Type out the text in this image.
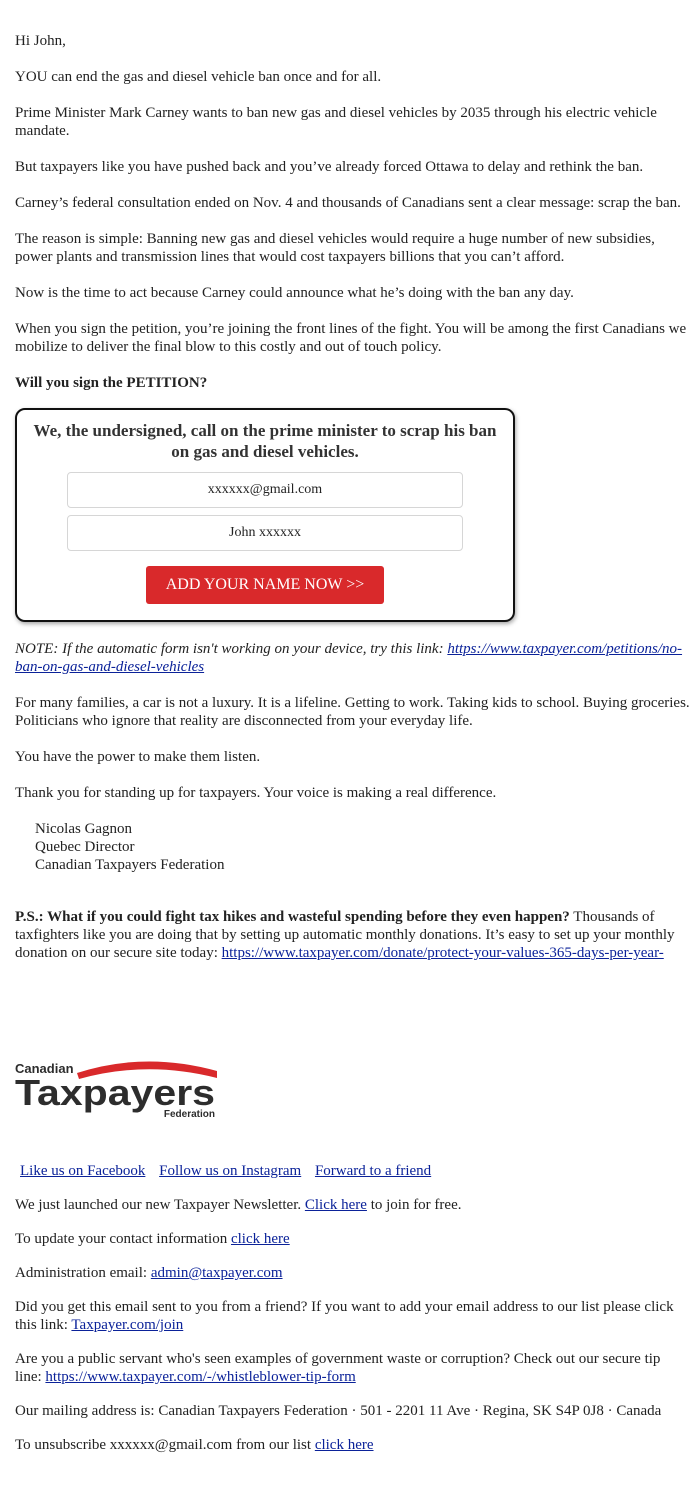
Hi John,

YOU can end the gas and diesel vehicle ban once and for all.

Prime Minister Mark Carney wants to ban new gas and diesel vehicles by 2035 through his electric vehicle mandate.

But taxpayers like you have pushed back and you’ve already forced Ottawa to delay and rethink the ban.

Carney’s federal consultation ended on Nov. 4 and thousands of Canadians sent a clear message: scrap the ban.

The reason is simple: Banning new gas and diesel vehicles would require a huge number of new subsidies, power plants and transmission lines that would cost taxpayers billions that you can’t afford.

Now is the time to act because Carney could announce what he’s doing with the ban any day.

When you sign the petition, you’re joining the front lines of the fight. You will be among the first Canadians we mobilize to deliver the final blow to this costly and out of touch policy.

Will you sign the PETITION?

We, the undersigned, call on the prime minister to scrap his ban on gas and diesel vehicles.
xxxxxx@gmail.com
John xxxxxx ADD YOUR NAME NOW >>

NOTE: If the automatic form isn't working on your device, try this link: https://www.taxpayer.com/petitions/no-ban-on-gas-and-diesel-vehicles

For many families, a car is not a luxury. It is a lifeline. Getting to work. Taking kids to school. Buying groceries. Politicians who ignore that reality are disconnected from your everyday life.

You have the power to make them listen.

Thank you for standing up for taxpayers. Your voice is making a real difference.

Nicolas Gagnon
Quebec Director
Canadian Taxpayers Federation

P.S.: What if you could fight tax hikes and wasteful spending before they even happen? Thousands of taxfighters like you are doing that by setting up automatic monthly donations. It’s easy to set up your monthly donation on our secure site today: https://www.taxpayer.com/donate/protect-your-values-365-days-per-year-

Canadian
Taxpayers
Federation
Like us on Facebook Follow us on Instagram Forward to a friend

We just launched our new Taxpayer Newsletter. Click here to join for free.

To update your contact information click here

Administration email: admin@taxpayer.com

Did you get this email sent to you from a friend? If you want to add your email address to our list please click this link: Taxpayer.com/join

Are you a public servant who's seen examples of government waste or corruption? Check out our secure tip line: https://www.taxpayer.com/-/whistleblower-tip-form

Our mailing address is: Canadian Taxpayers Federation · 501 - 2201 11 Ave · Regina, SK S4P 0J8 · Canada

To unsubscribe xxxxxx@gmail.com from our list click here
